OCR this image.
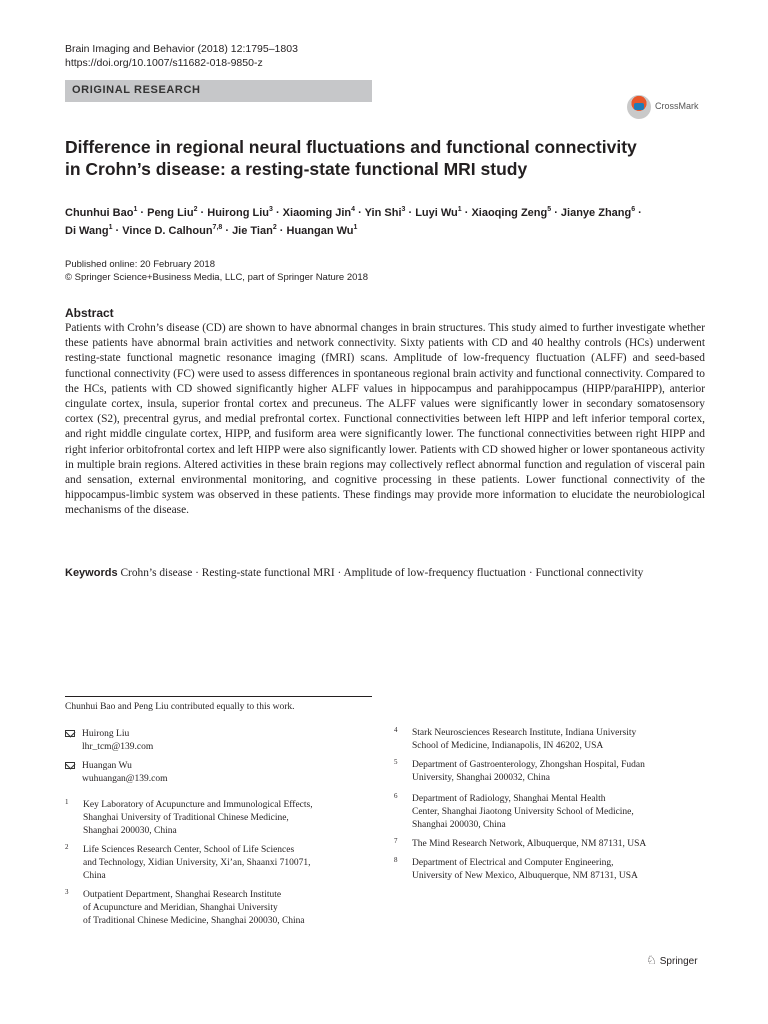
Brain Imaging and Behavior (2018) 12:1795–1803
https://doi.org/10.1007/s11682-018-9850-z
ORIGINAL RESEARCH
CrossMark
Difference in regional neural fluctuations and functional connectivity
in Crohn’s disease: a resting-state functional MRI study
Chunhui Bao$^1$ · Peng Liu$^2$ · Huirong Liu$^3$ · Xiaoming Jin$^4$ · Yin Shi$^3$ · Luyi $Wu^1$ · Xiaoqing Zeng$^5$ · Jianye Zhang$^6$ ·
Di Wang$^1$ · Vince D. Calhoun$^{7,8}$ · Jie Tian$^2$ · Huangan Wu$^1$
Published online: 20 February 2018
© Springer Science+Business Media, LLC, part of Springer Nature 2018
Abstract
Patients with Crohn’s disease (CD) are shown to have abnormal changes in brain structures. This study aimed to further investigate whether these patients have abnormal brain activities and network connectivity. Sixty patients with CD and 40 healthy controls (HCs) underwent resting-state functional magnetic resonance imaging (fMRI) scans. Amplitude of low-frequency fluctuation (ALFF) and seed-based functional connectivity (FC) were used to assess differences in spontaneous regional brain activity and functional connectivity. Compared to the HCs, patients with CD showed significantly higher ALFF values in hippocampus and parahippocampus (HIPP/paraHIPP), anterior cingulate cortex, insula, superior frontal cortex and precuneus. The ALFF values were significantly lower in secondary somatosensory cortex (S2), precentral gyrus, and medial prefrontal cortex. Functional connectivities between left HIPP and left inferior temporal cortex, and right middle cingulate cortex, HIPP, and fusiform area were significantly lower. The functional connectivities between right HIPP and right inferior orbitofrontal cortex and left HIPP were also significantly lower. Patients with CD showed higher or lower spontaneous activity in multiple brain regions. Altered activities in these brain regions may collectively reflect abnormal function and regulation of visceral pain and sensation, external environmental monitoring, and cognitive processing in these patients. Lower functional connectivity of the hippocampus-limbic system was observed in these patients. These findings may provide more information to elucidate the neurobiological mechanisms of the disease.
Keywords Crohn’s disease · Resting-state functional MRI · Amplitude of low-frequency fluctuation · Functional connectivity
Chunhui Bao and Peng Liu contributed equally to this work.
Huirong Liu
lhr_tcm@139.com
Huangan Wu
wuhuangan@139.com
1 Key Laboratory of Acupuncture and Immunological Effects,
Shanghai University of Traditional Chinese Medicine,
Shanghai 200030, China
2 Life Sciences Research Center, School of Life Sciences
and Technology, Xidian University, Xi’an, Shaanxi 710071,
China
3 Outpatient Department, Shanghai Research Institute
of Acupuncture and Meridian, Shanghai University
of Traditional Chinese Medicine, Shanghai 200030, China
4 Stark Neurosciences Research Institute, Indiana University
School of Medicine, Indianapolis, IN 46202, USA
5 Department of Gastroenterology, Zhongshan Hospital, Fudan
University, Shanghai 200032, China
6 Department of Radiology, Shanghai Mental Health
Center, Shanghai Jiaotong University School of Medicine,
Shanghai 200030, China
7 The Mind Research Network, Albuquerque, NM 87131, USA
8 Department of Electrical and Computer Engineering,
University of New Mexico, Albuquerque, NM 87131, USA
♘ Springer
